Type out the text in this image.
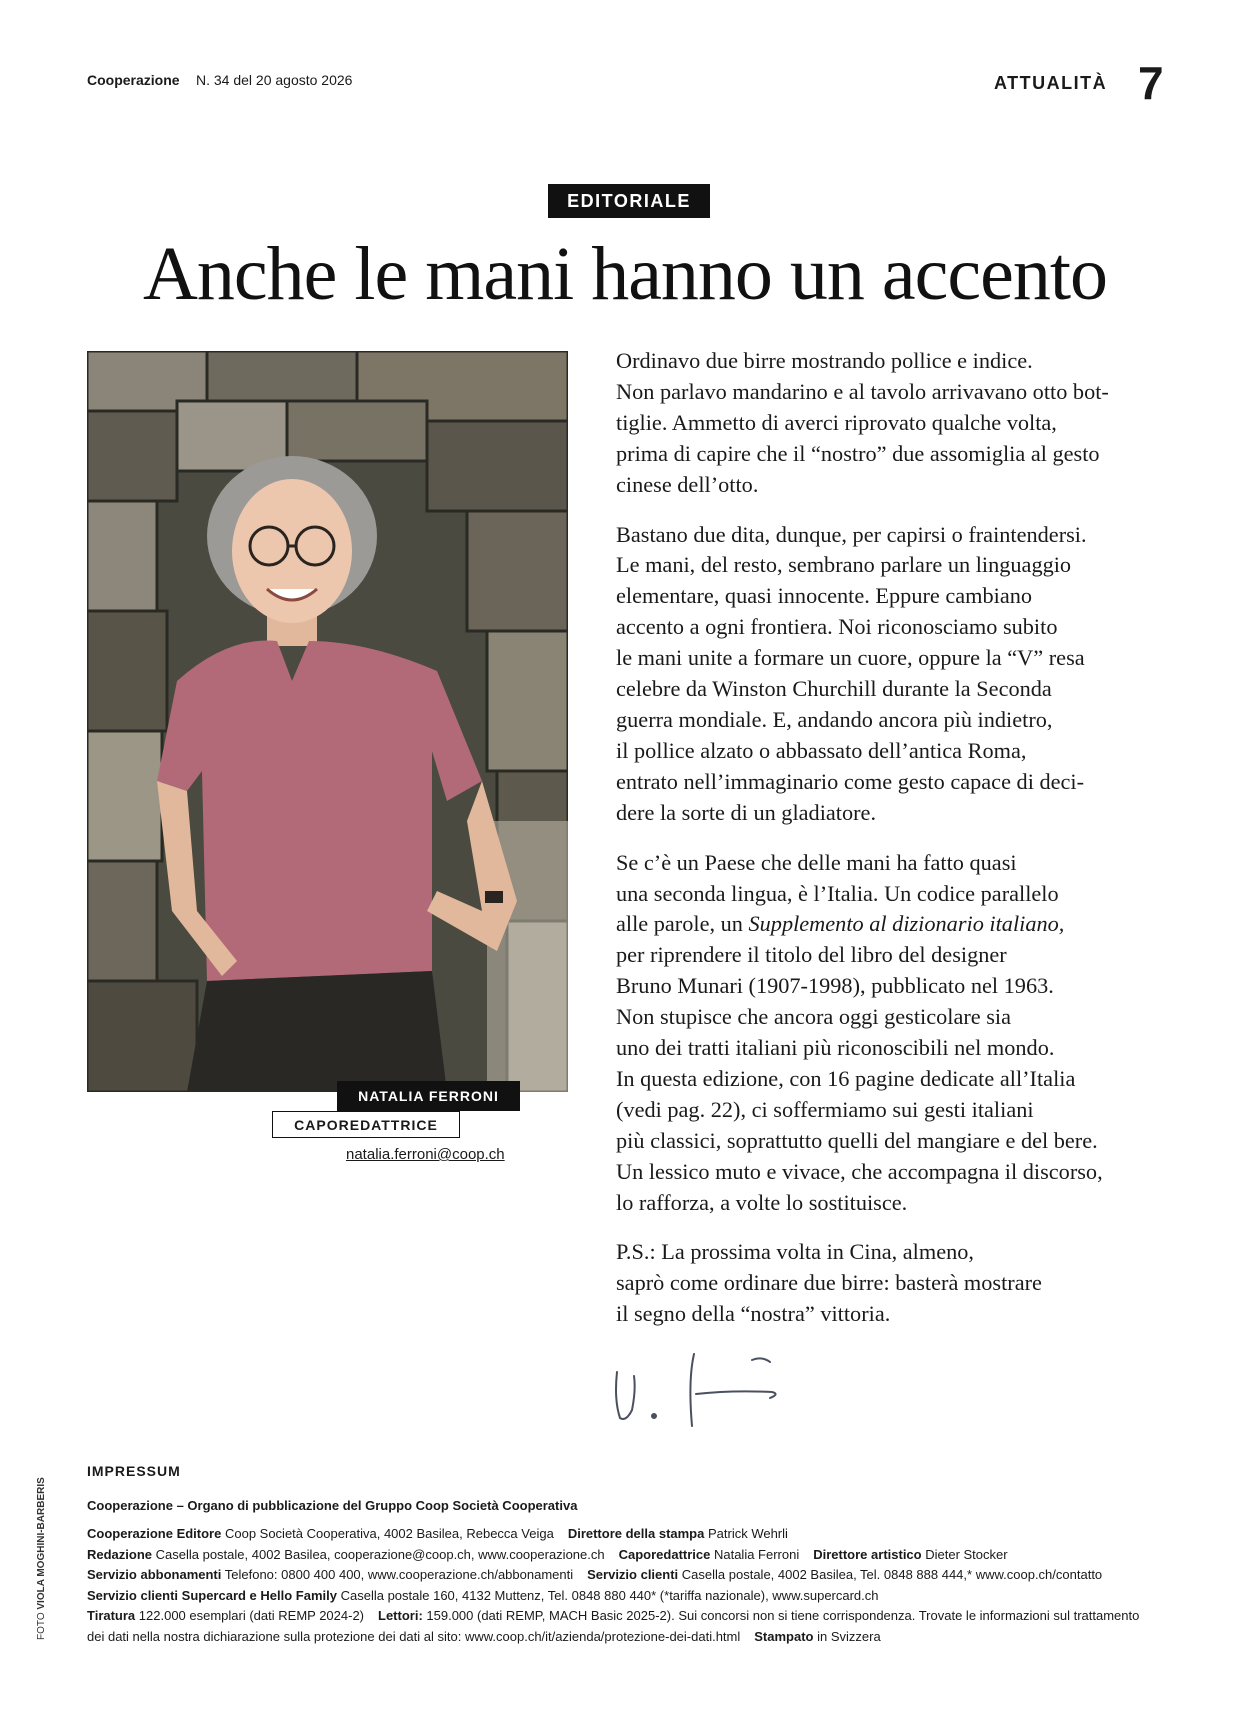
Cooperazione N. 34 del 20 agosto 2026	ATTUALITÀ 7
EDITORIALE
Anche le mani hanno un accento
NATALIA FERRONI
CAPOREDATTRICE
natalia.ferroni@coop.ch

Ordinavo due birre mostrando pollice e indice.
Non parlavo mandarino e al tavolo arrivavano otto bot-
tiglie. Ammetto di averci riprovato qualche volta,
prima di capire che il “nostro” due assomiglia al gesto
cinese dell’otto.

Bastano due dita, dunque, per capirsi o fraintendersi.
Le mani, del resto, sembrano parlare un linguaggio
elementare, quasi innocente. Eppure cambiano
accento a ogni frontiera. Noi riconosciamo subito
le mani unite a formare un cuore, oppure la “V” resa
celebre da Winston Churchill durante la Seconda
guerra mondiale. E, andando ancora più indietro,
il pollice alzato o abbassato dell’antica Roma,
entrato nell’immaginario come gesto capace di deci-
dere la sorte di un gladiatore.

Se c’è un Paese che delle mani ha fatto quasi
una seconda lingua, è l’Italia. Un codice parallelo
alle parole, un Supplemento al dizionario italiano,
per riprendere il titolo del libro del designer
Bruno Munari (1907-1998), pubblicato nel 1963.
Non stupisce che ancora oggi gesticolare sia
uno dei tratti italiani più riconoscibili nel mondo.
In questa edizione, con 16 pagine dedicate all’Italia
(vedi pag. 22), ci soffermiamo sui gesti italiani
più classici, soprattutto quelli del mangiare e del bere.
Un lessico muto e vivace, che accompagna il discorso,
lo rafforza, a volte lo sostituisce.

P.S.: La prossima volta in Cina, almeno,
saprò come ordinare due birre: basterà mostrare
il segno della “nostra” vittoria.

FOTO VIOLA MOGHINI-BARBERIS
IMPRESSUM
Cooperazione – Organo di pubblicazione del Gruppo Coop Società Cooperativa
Cooperazione Editore Coop Società Cooperativa, 4002 Basilea, Rebecca Veiga Direttore della stampa Patrick Wehrli
Redazione Casella postale, 4002 Basilea, cooperazione@coop.ch, www.cooperazione.ch Caporedattrice Natalia Ferroni Direttore artistico Dieter Stocker
Servizio abbonamenti Telefono: 0800 400 400, www.cooperazione.ch/abbonamenti Servizio clienti Casella postale, 4002 Basilea, Tel. 0848 888 444,* www.coop.ch/contatto
Servizio clienti Supercard e Hello Family Casella postale 160, 4132 Muttenz, Tel. 0848 880 440* (*tariffa nazionale), www.supercard.ch
Tiratura 122.000 esemplari (dati REMP 2024-2) Lettori: 159.000 (dati REMP, MACH Basic 2025-2). Sui concorsi non si tiene corrispondenza. Trovate le informazioni sul trattamento
dei dati nella nostra dichiarazione sulla protezione dei dati al sito: www.coop.ch/it/azienda/protezione-dei-dati.html Stampato in Svizzera
